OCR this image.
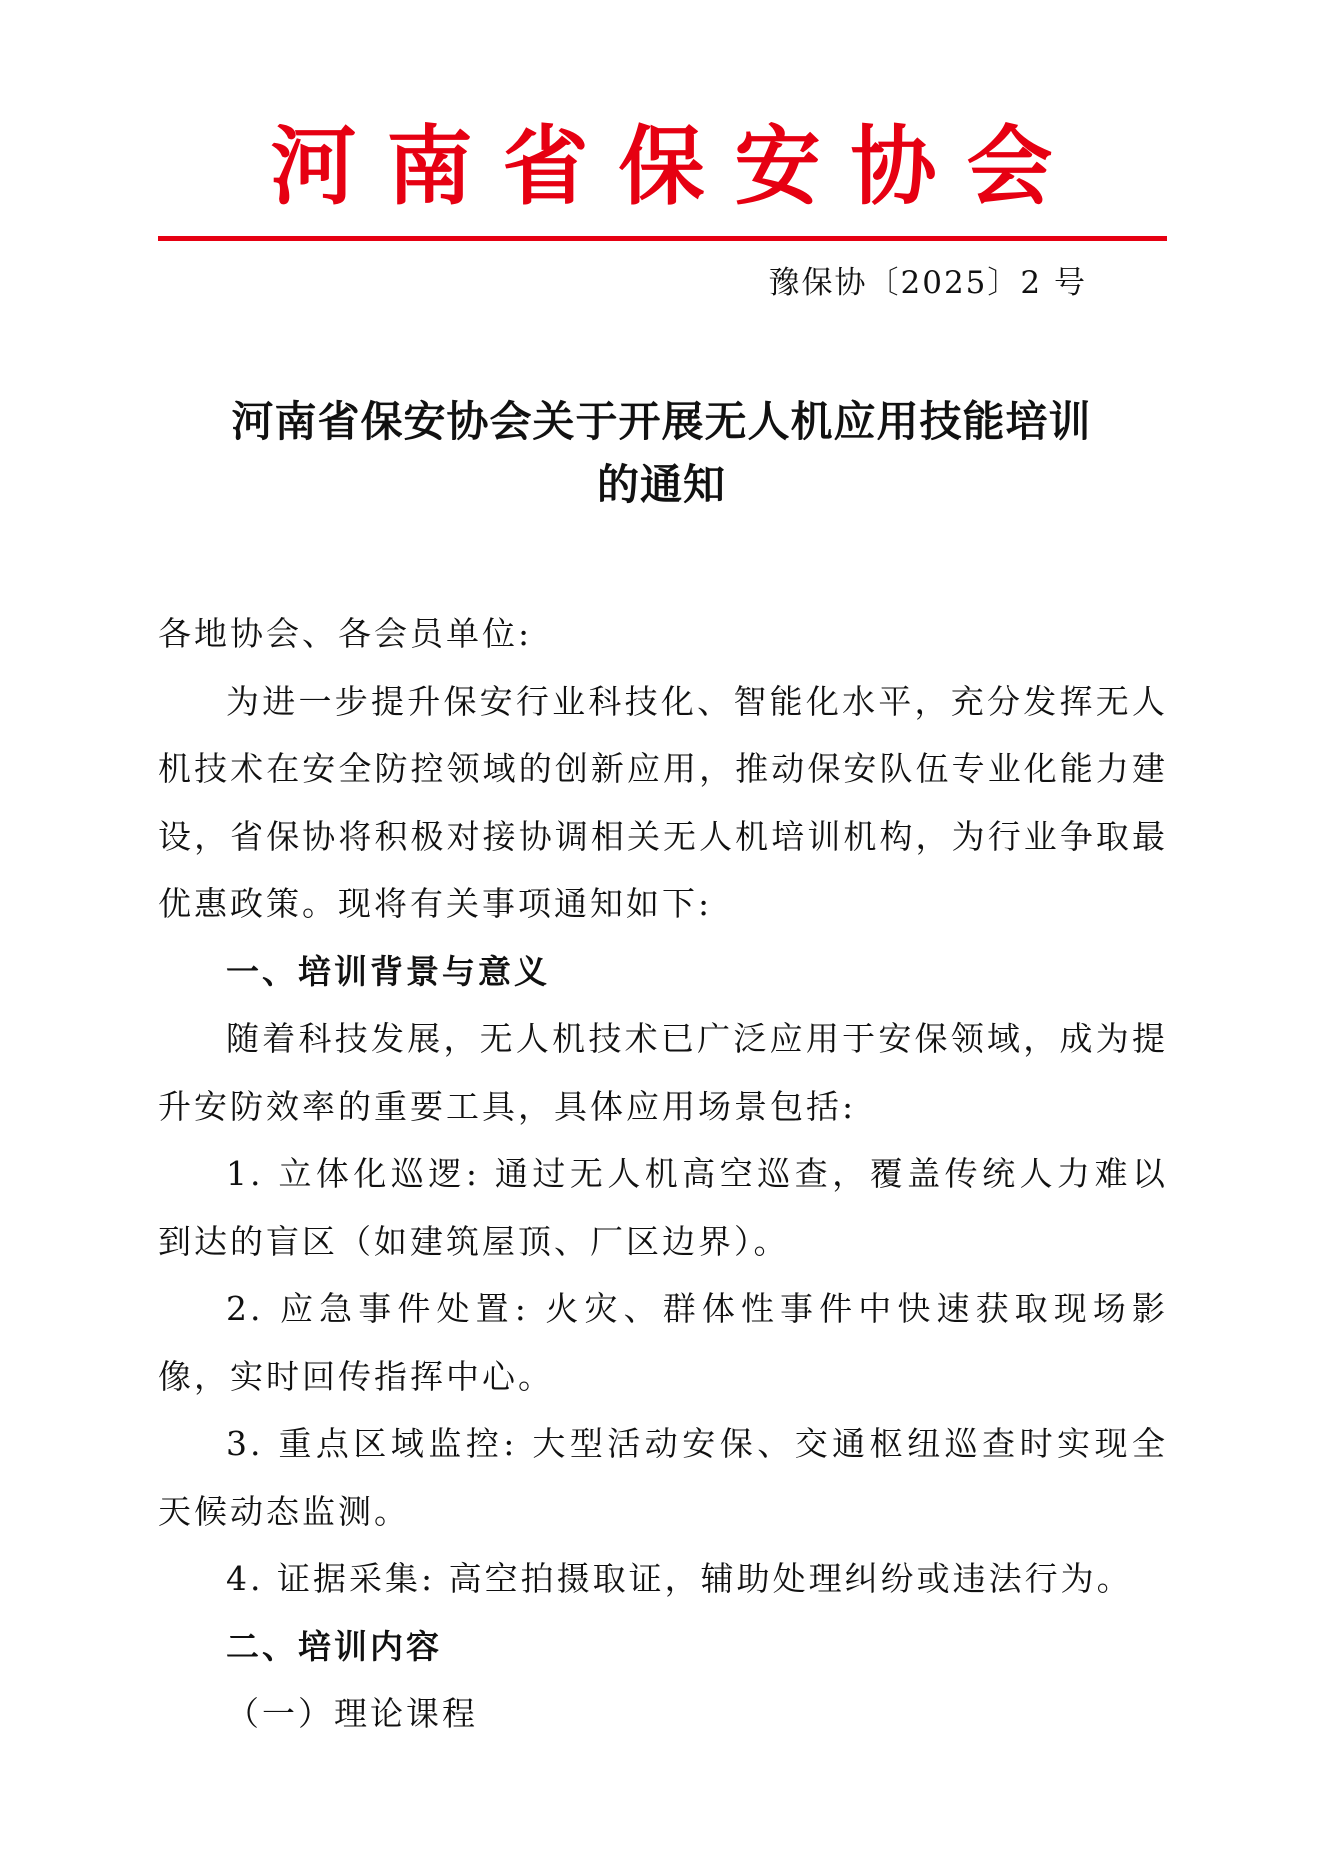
河南省保安协会
豫保协〔2025〕2 号
河南省保安协会关于开展无人机应用技能培训
的通知

各地协会、各会员单位:

为进一步提升保安行业科技化、智能化水平，充分发挥无人机技术在安全防控领域的创新应用，推动保安队伍专业化能力建设，省保协将积极对接协调相关无人机培训机构，为行业争取最优惠政策。现将有关事项通知如下:

一、培训背景与意义

随着科技发展，无人机技术已广泛应用于安保领域，成为提升安防效率的重要工具，具体应用场景包括:

1. 立体化巡逻: 通过无人机高空巡查，覆盖传统人力难以到达的盲区（如建筑屋顶、厂区边界）。

2. 应急事件处置: 火灾、群体性事件中快速获取现场影像，实时回传指挥中心。

3. 重点区域监控: 大型活动安保、交通枢纽巡查时实现全天候动态监测。

4. 证据采集: 高空拍摄取证，辅助处理纠纷或违法行为。

二、培训内容

（一）理论课程
